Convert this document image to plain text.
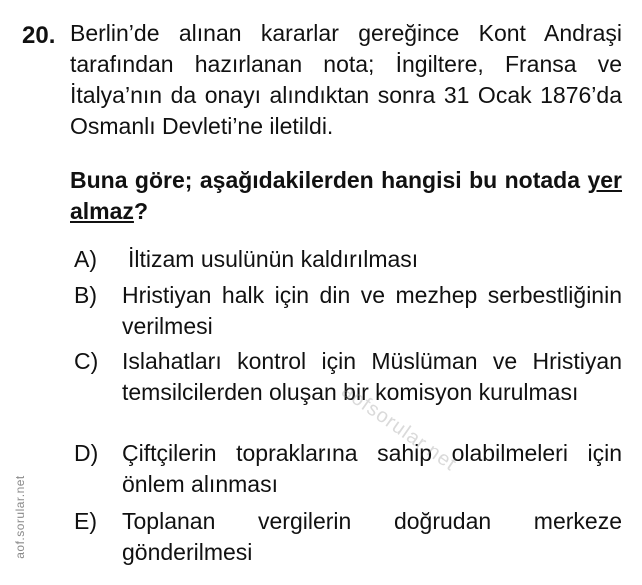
20. Berlin’de alınan kararlar gereğince Kont Andraşi tarafından hazırlanan nota; İngiltere, Fransa ve İtalya’nın da onayı alındıktan sonra 31 Ocak 1876’da Osmanlı Devleti’ne iletildi.
Buna göre; aşağıdakilerden hangisi bu notada yer almaz?
A)	İltizam usulünün kaldırılması
B)	Hristiyan halk için din ve mezhep serbestliğinin verilmesi
C)	Islahatları kontrol için Müslüman ve Hristiyan temsilcilerden oluşan bir komisyon kurulması
D)	Çiftçilerin topraklarına sahip olabilmeleri için önlem alınması
E)	Toplanan vergilerin doğrudan merkeze gönderilmesi
aof.sorular.net
aofsorular.net
